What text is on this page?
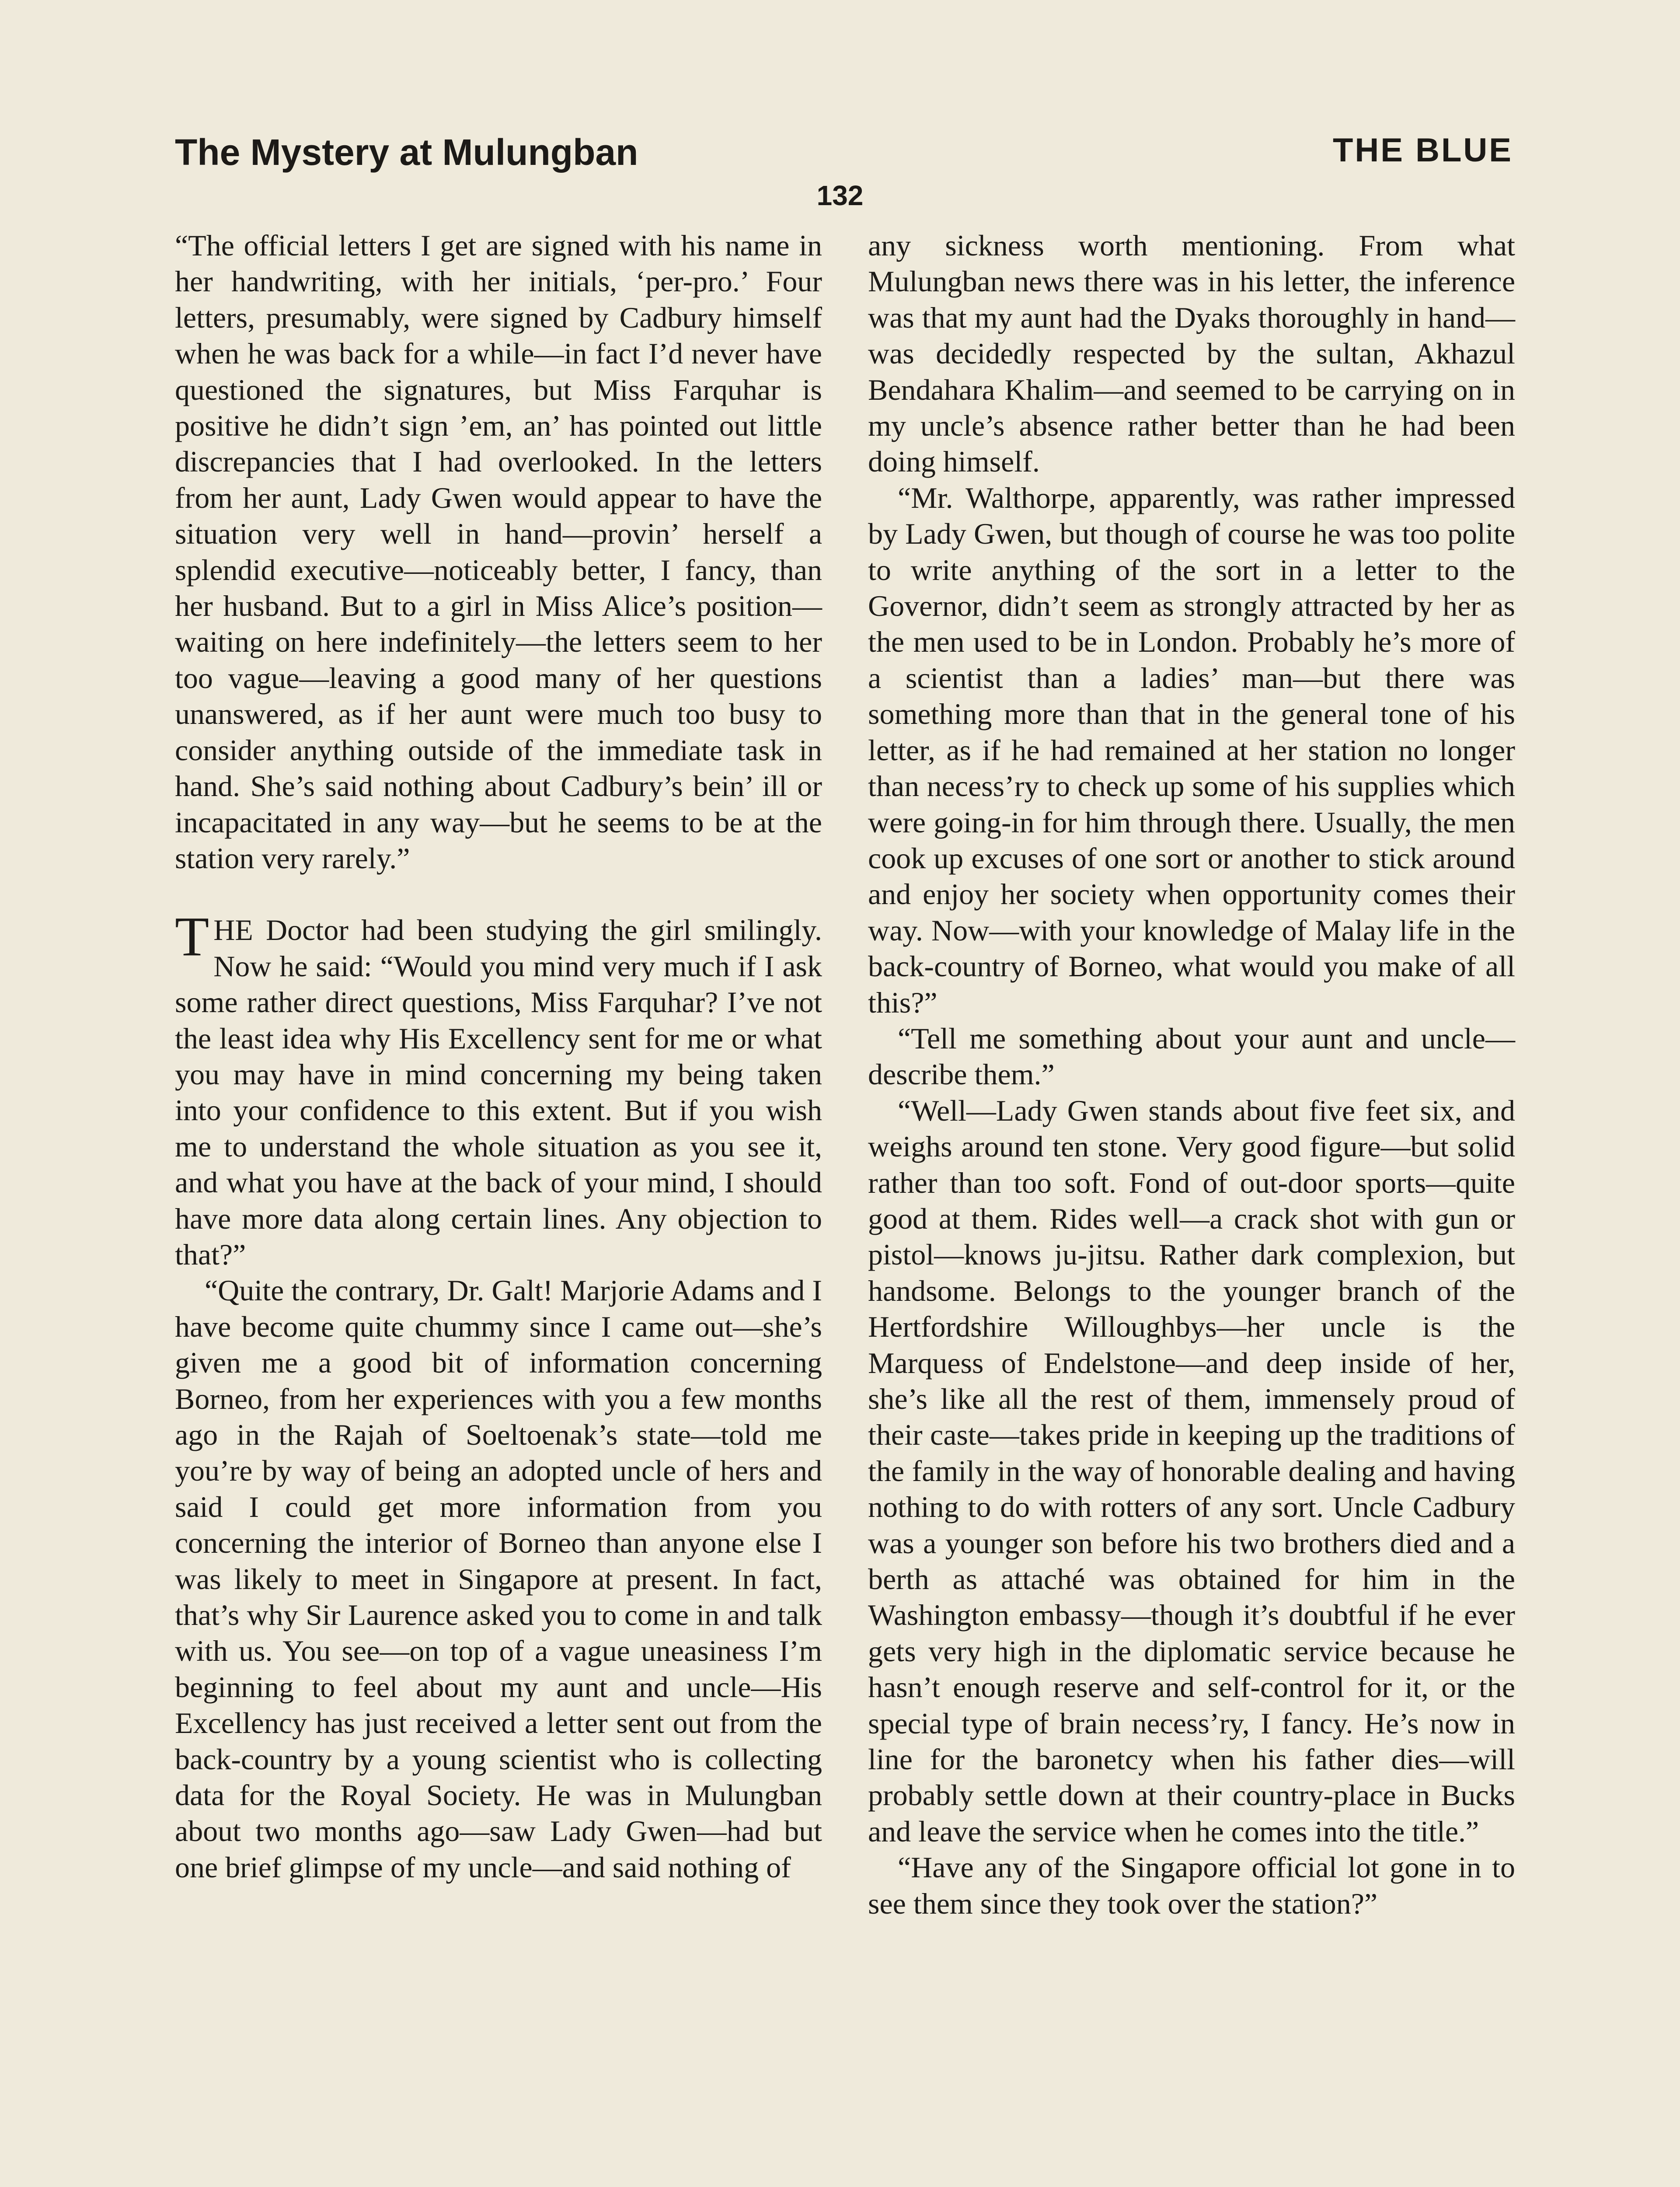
The Mystery at Mulungban	THE BLUE
132

“The official letters I get are signed with his name in her handwriting, with her initials, ‘per-pro.’ Four letters, presumably, were signed by Cadbury himself when he was back for a while—in fact I’d never have questioned the signatures, but Miss Farquhar is positive he didn’t sign ’em, an’ has pointed out little discrepancies that I had overlooked. In the letters from her aunt, Lady Gwen would appear to have the situation very well in hand—provin’ herself a splendid executive—noticeably better, I fancy, than her husband. But to a girl in Miss Alice’s position—waiting on here indefinitely—the letters seem to her too vague—leaving a good many of her questions unanswered, as if her aunt were much too busy to consider anything outside of the immediate task in hand. She’s said nothing about Cadbury’s bein’ ill or incapacitated in any way—but he seems to be at the station very rarely.”

THE Doctor had been studying the girl smilingly. Now he said: “Would you mind very much if I ask some rather direct questions, Miss Farquhar? I’ve not the least idea why His Excellency sent for me or what you may have in mind concerning my being taken into your confidence to this extent. But if you wish me to understand the whole situation as you see it, and what you have at the back of your mind, I should have more data along certain lines. Any objection to that?”

“Quite the contrary, Dr. Galt! Marjorie Adams and I have become quite chummy since I came out—she’s given me a good bit of information concerning Borneo, from her experiences with you a few months ago in the Rajah of Soeltoenak’s state—told me you’re by way of being an adopted uncle of hers and said I could get more information from you concerning the interior of Borneo than anyone else I was likely to meet in Singapore at present. In fact, that’s why Sir Laurence asked you to come in and talk with us. You see—on top of a vague uneasiness I’m beginning to feel about my aunt and uncle—His Excellency has just received a letter sent out from the back-country by a young scientist who is collecting data for the Royal Society. He was in Mulungban about two months ago—saw Lady Gwen—had but one brief glimpse of my uncle—and said nothing of

any sickness worth mentioning. From what Mulungban news there was in his letter, the inference was that my aunt had the Dyaks thoroughly in hand—was decidedly respected by the sultan, Akhazul Bendahara Khalim—and seemed to be carrying on in my uncle’s absence rather better than he had been doing himself.

“Mr. Walthorpe, apparently, was rather impressed by Lady Gwen, but though of course he was too polite to write anything of the sort in a letter to the Governor, didn’t seem as strongly attracted by her as the men used to be in London. Probably he’s more of a scientist than a ladies’ man—but there was something more than that in the general tone of his letter, as if he had remained at her station no longer than necess’ry to check up some of his supplies which were going-in for him through there. Usually, the men cook up excuses of one sort or another to stick around and enjoy her society when opportunity comes their way. Now—with your knowledge of Malay life in the back-country of Borneo, what would you make of all this?”

“Tell me something about your aunt and uncle—describe them.”

“Well—Lady Gwen stands about five feet six, and weighs around ten stone. Very good figure—but solid rather than too soft. Fond of out-door sports—quite good at them. Rides well—a crack shot with gun or pistol—knows ju-jitsu. Rather dark complexion, but handsome. Belongs to the younger branch of the Hertfordshire Willoughbys—her uncle is the Marquess of Endelstone—and deep inside of her, she’s like all the rest of them, immensely proud of their caste—takes pride in keeping up the traditions of the family in the way of honorable dealing and having nothing to do with rotters of any sort. Uncle Cadbury was a younger son before his two brothers died and a berth as attaché was obtained for him in the Washington embassy—though it’s doubtful if he ever gets very high in the diplomatic service because he hasn’t enough reserve and self-control for it, or the special type of brain necess’ry, I fancy. He’s now in line for the baronetcy when his father dies—will probably settle down at their country-place in Bucks and leave the service when he comes into the title.”

“Have any of the Singapore official lot gone in to see them since they took over the station?”
